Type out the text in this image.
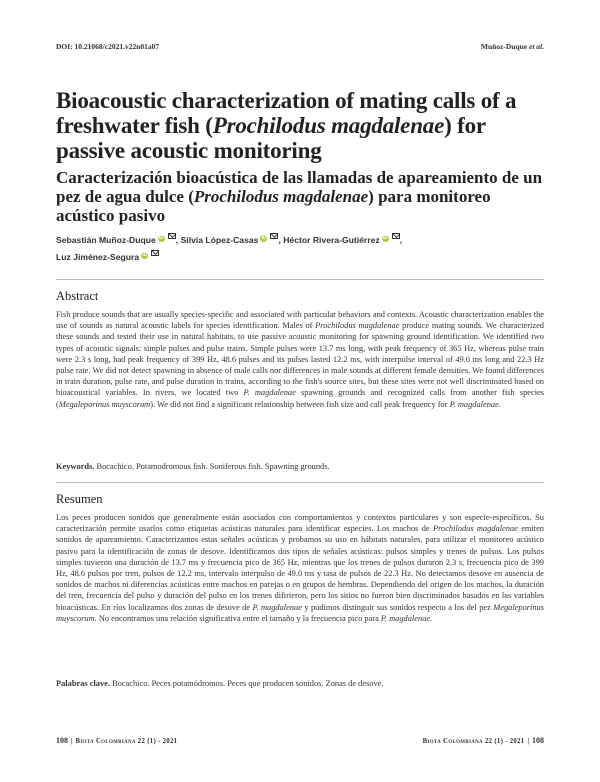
DOI: 10.21068/c2021.v22n01a07	Muñoz-Duque et al.
Bioacoustic characterization of mating calls of a freshwater fish (Prochilodus magdalenae) for passive acoustic monitoring
Caracterización bioacústica de las llamadas de apareamiento de un pez de agua dulce (Prochilodus magdalenae) para monitoreo acústico pasivo
Sebastián Muñoz-Duque iD , Silvia López-Casas iD , Héctor Rivera-Gutiérrez iD ,
Luz Jiménez-Segura iD
Abstract

Fish produce sounds that are usually species-specific and associated with particular behaviors and contexts. Acoustic characterization enables the use of sounds as natural acoustic labels for species identification. Males of Prochilodus magdalenae produce mating sounds. We characterized these sounds and tested their use in natural habitats, to use passive acoustic monitoring for spawning ground identification. We identified two types of acoustic signals: simple pulses and pulse trains. Simple pulses were 13.7 ms long, with peak frequency of 365 Hz, whereas pulse train were 2.3 s long, had peak frequency of 399 Hz, 48.6 pulses and its pulses lasted 12.2 ms, with interpulse interval of 49.0 ms long and 22.3 Hz pulse rate. We did not detect spawning in absence of male calls nor differences in male sounds at different female densities. We found differences in train duration, pulse rate, and pulse duration in trains, according to the fish's source sites, but these sites were not well discriminated based on bioacoustical variables. In rivers, we located two P. magdalenae spawning grounds and recognized calls from another fish species (Megaleporinus muyscorum). We did not find a significant relationship between fish size and call peak frequency for P. magdalenae.

Keywords. Bocachico. Potamodromous fish. Soniferous fish. Spawning grounds.

Resumen

Los peces producen sonidos que generalmente están asociados con comportamientos y contextos particulares y son especie-específicos. Su caracterización permite usarlos como etiquetas acústicas naturales para identificar especies. Los machos de Prochilodus magdalenae emiten sonidos de apareamiento. Caracterizamos estas señales acústicas y probamos su uso en hábitats naturales, para utilizar el monitoreo acústico pasivo para la identificación de zonas de desove. Identificamos dos tipos de señales acústicas: pulsos simples y trenes de pulsos. Los pulsos simples tuvieron una duración de 13.7 ms y frecuencia pico de 365 Hz, mientras que los trenes de pulsos duraron 2.3 s, frecuencia pico de 399 Hz, 48.6 pulsos por tren, pulsos de 12.2 ms, intervalo interpulso de 49.0 ms y tasa de pulsos de 22.3 Hz. No detectamos desove en ausencia de sonidos de machos ni diferencias acústicas entre machos en parejas o en grupos de hembras. Dependiendo del origen de los machos, la duración del tren, frecuencia del pulso y duración del pulso en los trenes difirieron, pero los sitios no fueron bien discriminados basados en las variables bioacústicas. En ríos localizamos dos zonas de desove de P. magdalenae y pudimos distinguir sus sonidos respecto a los del pez Megaleporinus muyscorum. No encontramos una relación significativa entre el tamaño y la frecuencia pico para P. magdalenae.

Palabras clave. Bocachico. Peces potamódromos. Peces que producen sonidos. Zonas de desove.

108 | Biota Colombiana 22 (1) - 2021	Biota Colombiana 22 (1) - 2021 | 108
